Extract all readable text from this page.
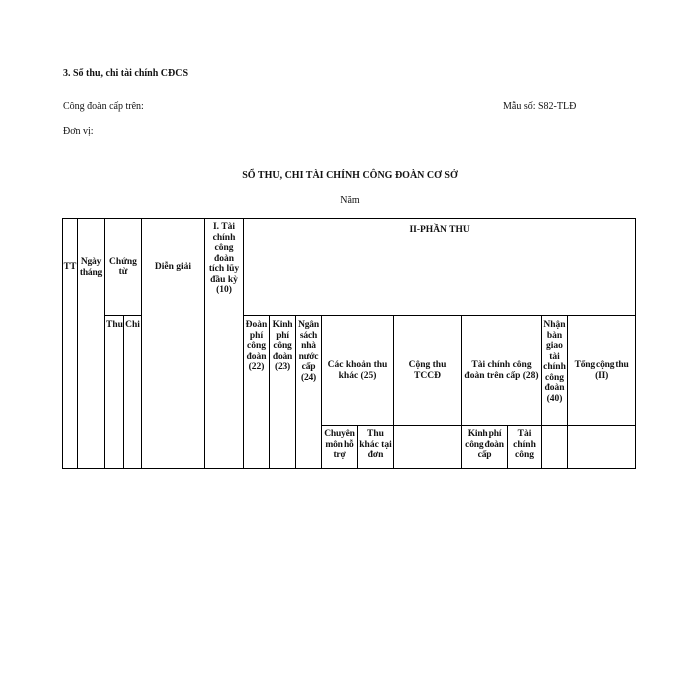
3. Sổ thu, chi tài chính CĐCS
Công đoàn cấp trên:	Mẫu số: S82-TLĐ
Đơn vị:
SỔ THU, CHI TÀI CHÍNH CÔNG ĐOÀN CƠ SỞ
Năm
TT	Ngày tháng	Chứng từ		Diễn giải	I. Tài chính công đoàn tích lũy đầu kỳ (10)	II-PHẦN THU									
		Thu	Chi			Đoàn phí công đoàn (22)	Kinh phí công đoàn (23)	Ngân sách nhà nước cấp (24)	Các khoản thu khác (25)		Cộng thu TCCĐ	Tài chính công đoàn trên cấp (28)		Nhận bàn giao tài chính công đoàn (40)	Tổng cộng thu (II)
									Chuyên môn hỗ trợ	Thu khác tại đơn		Kinh phí công đoàn cấp	Tài chính công		
